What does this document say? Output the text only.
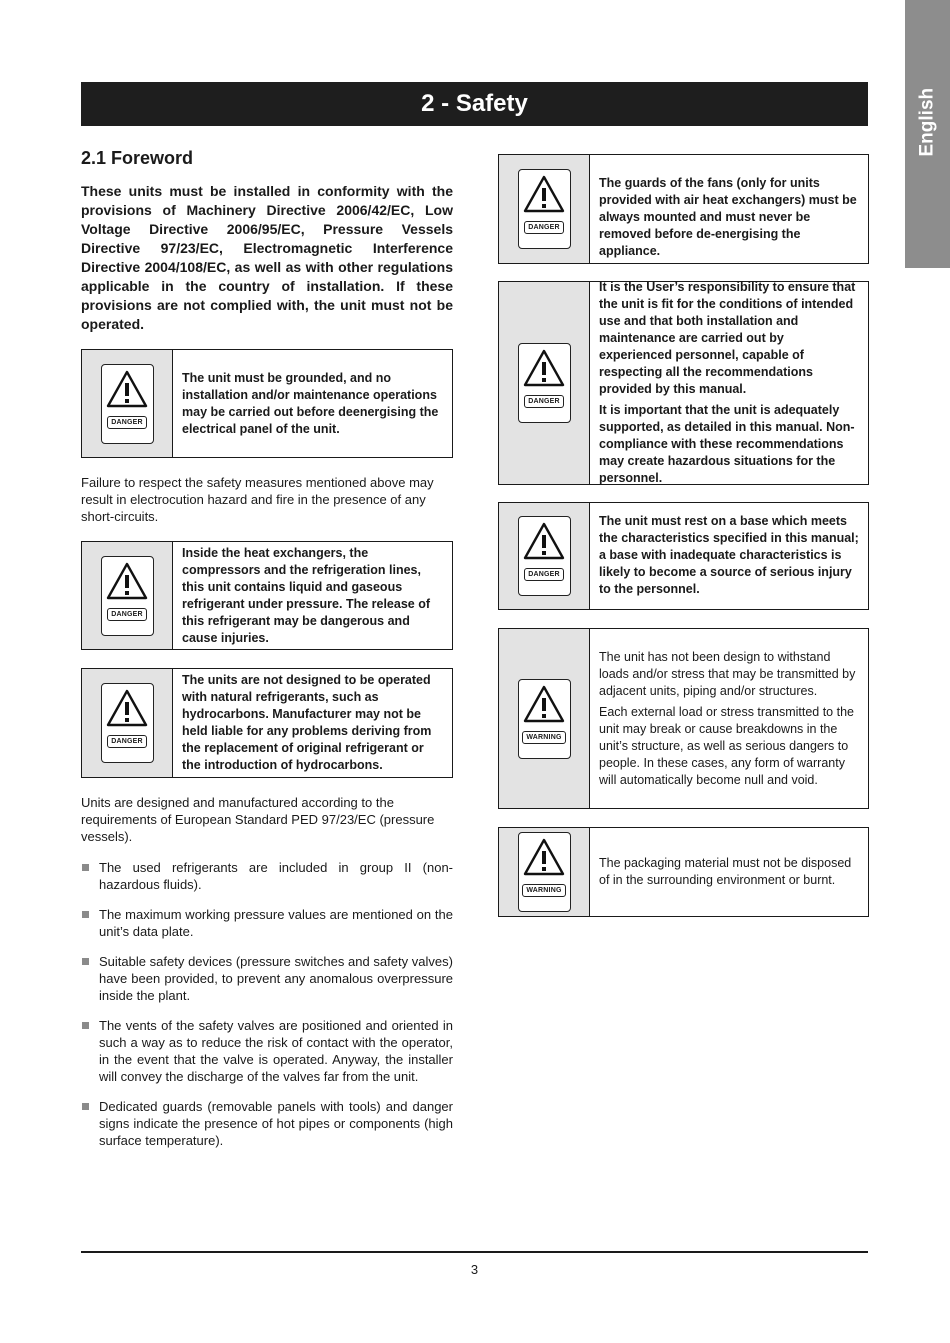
English
2 - Safety
2.1 Foreword

These units must be installed in conformity with the provisions of Machinery Directive 2006/42/EC, Low Voltage Directive 2006/95/EC, Pressure Vessels Directive 97/23/EC, Electromagnetic Interference Directive 2004/108/EC, as well as with other regulations applicable in the country of installation. If these provisions are not complied with, the unit must not be operated.

DANGER

The unit must be grounded, and no installation and/or maintenance operations may be carried out before deenergising the electrical panel of the unit.

Failure to respect the safety measures mentioned above may result in electrocution hazard and fire in the presence of any short-circuits.

DANGER

Inside the heat exchangers, the compressors and the refrigeration lines, this unit contains liquid and gaseous refrigerant under pressure. The release of this refrigerant may be dangerous and cause injuries.

DANGER

The units are not designed to be operated with natural refrigerants, such as hydrocarbons. Manufacturer may not be held liable for any problems deriving from the replacement of original refrigerant or the introduction of hydrocarbons.

Units are designed and manufactured according to the requirements of European Standard PED 97/23/EC (pressure vessels).

The used refrigerants are included in group II (non-hazardous fluids).
The maximum working pressure values are mentioned on the unit’s data plate.
Suitable safety devices (pressure switches and safety valves) have been provided, to prevent any anomalous overpressure inside the plant.
The vents of the safety valves are positioned and oriented in such a way as to reduce the risk of contact with the operator, in the event that the valve is operated. Anyway, the installer will convey the discharge of the valves far from the unit.
Dedicated guards (removable panels with tools) and danger signs indicate the presence of hot pipes or components (high surface temperature).
DANGER

The guards of the fans (only for units provided with air heat exchangers) must be always mounted and must never be removed before de-energising the appliance.

DANGER

It is the User’s responsibility to ensure that the unit is fit for the conditions of intended use and that both installation and maintenance are carried out by experienced personnel, capable of respecting all the recommendations provided by this manual.

It is important that the unit is adequately supported, as detailed in this manual. Non-compliance with these recommendations may create hazardous situations for the personnel.

DANGER

The unit must rest on a base which meets the characteristics specified in this manual; a base with inadequate characteristics is likely to become a source of serious injury to the personnel.

WARNING

The unit has not been design to withstand loads and/or stress that may be transmitted by adjacent units, piping and/or structures.

Each external load or stress transmitted to the unit may break or cause breakdowns in the unit’s structure, as well as serious dangers to people. In these cases, any form of warranty will automatically become null and void.

WARNING

The packaging material must not be disposed of in the surrounding environment or burnt.

3
